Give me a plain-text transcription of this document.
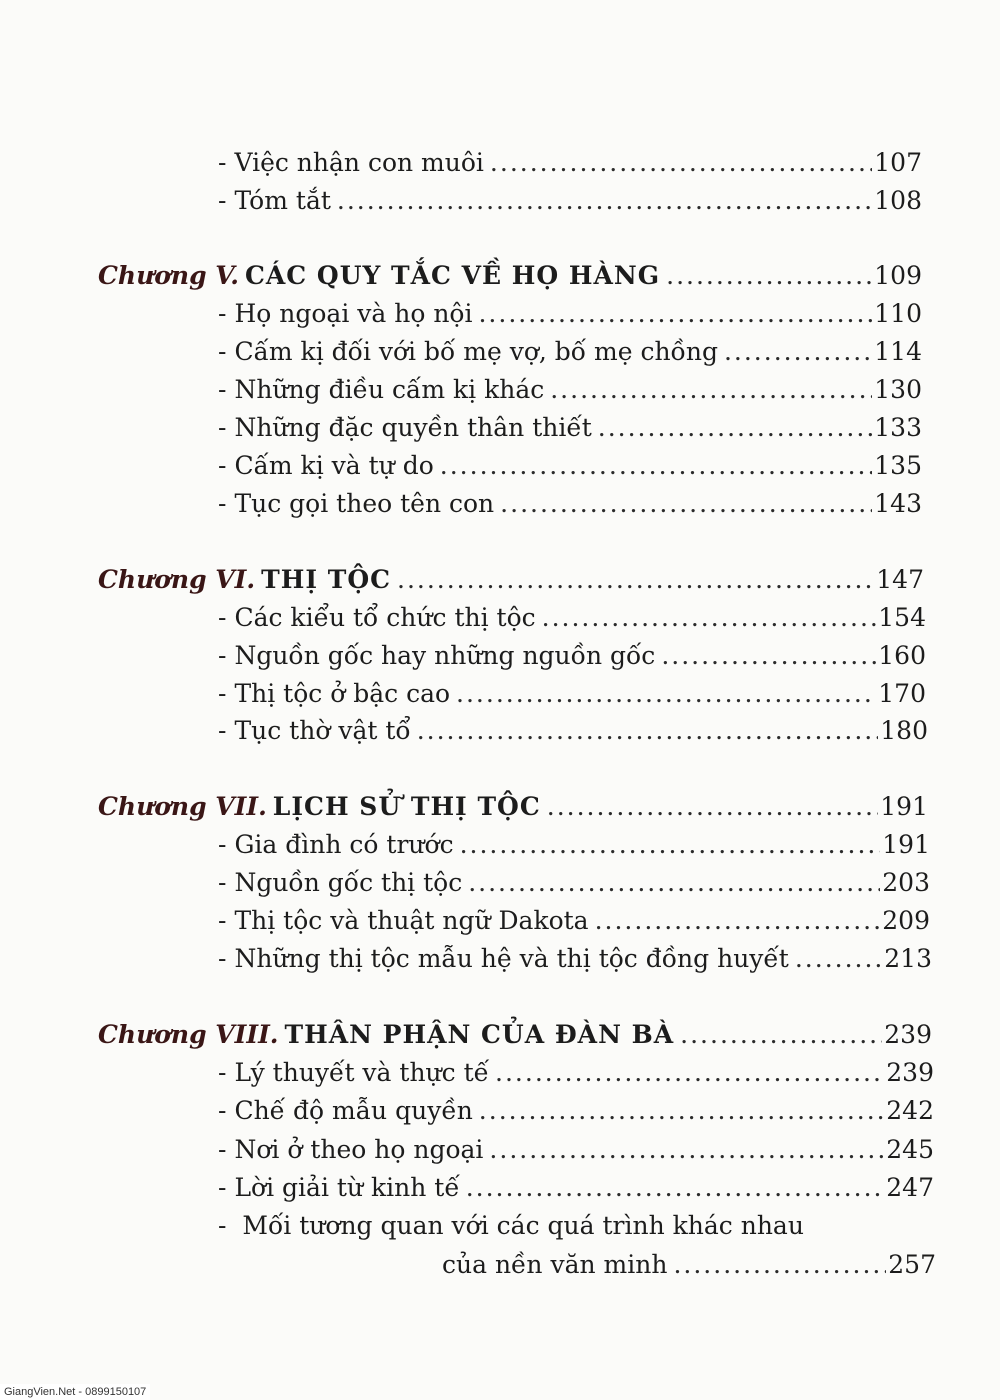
- Việc nhận con muôi .....	107
- Tóm tắt .....	108
Chương V. CÁC QUY TẮC VỀ HỌ HÀNG .....	109
- Họ ngoại và họ nội .....	110
- Cấm kị đối với bố mẹ vợ, bố mẹ chồng .....	114
- Những điều cấm kị khác .....	130
- Những đặc quyền thân thiết .....	133
- Cấm kị và tự do .....	135
- Tục gọi theo tên con .....	143
Chương VI. THỊ TỘC .....	147
- Các kiểu tổ chức thị tộc .....	154
- Nguồn gốc hay những nguồn gốc .....	160
- Thị tộc ở bậc cao .....	170
- Tục thờ vật tổ .....	180
Chương VII. LỊCH SỬ THỊ TỘC .....	191
- Gia đình có trước .....	191
- Nguồn gốc thị tộc .....	203
- Thị tộc và thuật ngữ Dakota .....	209
- Những thị tộc mẫu hệ và thị tộc đồng huyết .....	213
Chương VIII. THÂN PHẬN CỦA ĐÀN BÀ .....	239
- Lý thuyết và thực tế .....	239
- Chế độ mẫu quyền .....	242
- Nơi ở theo họ ngoại .....	245
- Lời giải từ kinh tế .....	247
- Mối tương quan với các quá trình khác nhau
của nền văn minh .....	257
GiangVien.Net - 0899150107
